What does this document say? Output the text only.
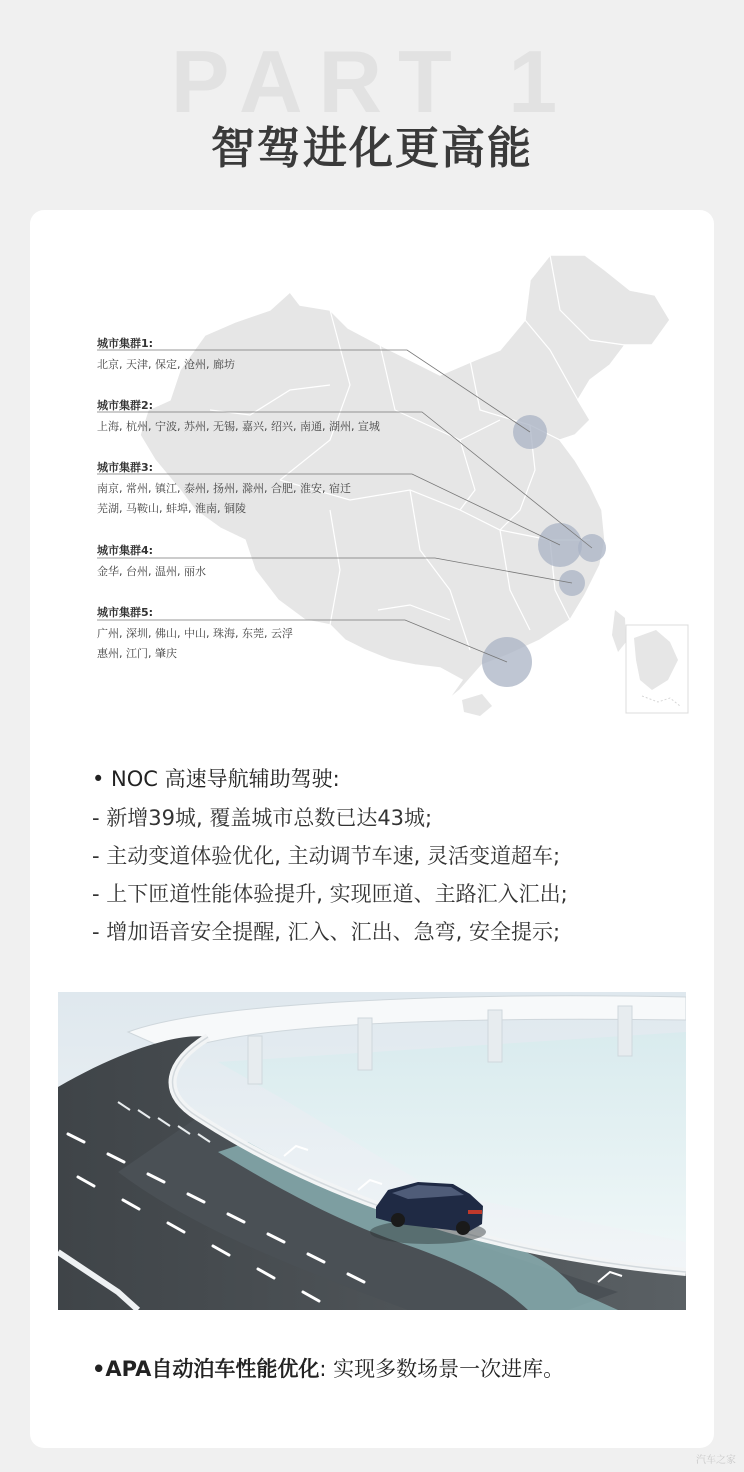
PART 1
智驾进化更高能
城市集群1:
北京, 天津, 保定, 沧州, 廊坊
城市集群2:
上海, 杭州, 宁波, 苏州, 无锡, 嘉兴, 绍兴, 南通, 湖州, 宣城
城市集群3:
南京, 常州, 镇江, 泰州, 扬州, 滁州, 合肥, 淮安, 宿迁
芜湖, 马鞍山, 蚌埠, 淮南, 铜陵
城市集群4:
金华, 台州, 温州, 丽水
城市集群5:
广州, 深圳, 佛山, 中山, 珠海, 东莞, 云浮
惠州, 江门, 肇庆
• NOC 高速导航辅助驾驶:
- 新增39城, 覆盖城市总数已达43城;
- 主动变道体验优化, 主动调节车速, 灵活变道超车;
- 上下匝道性能体验提升, 实现匝道、主路汇入汇出;
- 增加语音安全提醒, 汇入、汇出、急弯, 安全提示;
•APA自动泊车性能优化: 实现多数场景一次进库。
汽车之家
